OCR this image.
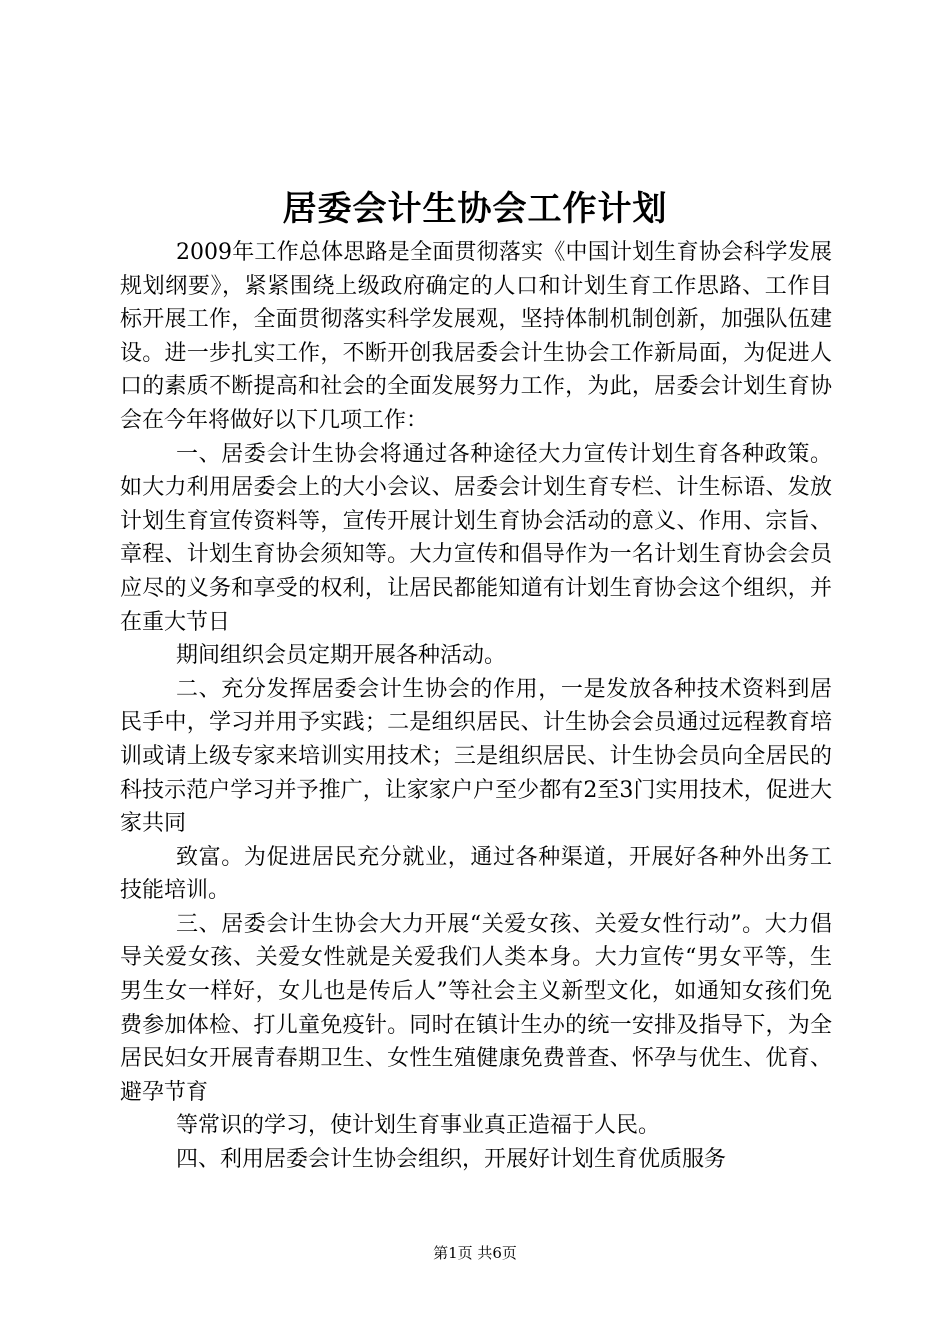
居委会计生协会工作计划

2009年工作总体思路是全面贯彻落实《中国计划生育协会科学发展规划纲要》，紧紧围绕上级政府确定的人口和计划生育工作思路、工作目标开展工作，全面贯彻落实科学发展观，坚持体制机制创新，加强队伍建设。进一步扎实工作，不断开创我居委会计生协会工作新局面，为促进人口的素质不断提高和社会的全面发展努力工作，为此，居委会计划生育协会在今年将做好以下几项工作：

一、居委会计生协会将通过各种途径大力宣传计划生育各种政策。如大力利用居委会上的大小会议、居委会计划生育专栏、计生标语、发放计划生育宣传资料等，宣传开展计划生育协会活动的意义、作用、宗旨、章程、计划生育协会须知等。大力宣传和倡导作为一名计划生育协会会员应尽的义务和享受的权利，让居民都能知道有计划生育协会这个组织，并在重大节日

期间组织会员定期开展各种活动。

二、充分发挥居委会计生协会的作用，一是发放各种技术资料到居民手中，学习并用予实践；二是组织居民、计生协会会员通过远程教育培训或请上级专家来培训实用技术；三是组织居民、计生协会员向全居民的科技示范户学习并予推广，让家家户户至少都有2至3门实用技术，促进大家共同

致富。为促进居民充分就业，通过各种渠道，开展好各种外出务工技能培训。

三、居委会计生协会大力开展“关爱女孩、关爱女性行动”。大力倡导关爱女孩、关爱女性就是关爱我们人类本身。大力宣传“男女平等，生男生女一样好，女儿也是传后人”等社会主义新型文化，如通知女孩们免费参加体检、打儿童免疫针。同时在镇计生办的统一安排及指导下，为全居民妇女开展青春期卫生、女性生殖健康免费普查、怀孕与优生、优育、避孕节育

等常识的学习，使计划生育事业真正造福于人民。

四、利用居委会计生协会组织，开展好计划生育优质服务

第1页 共6页
